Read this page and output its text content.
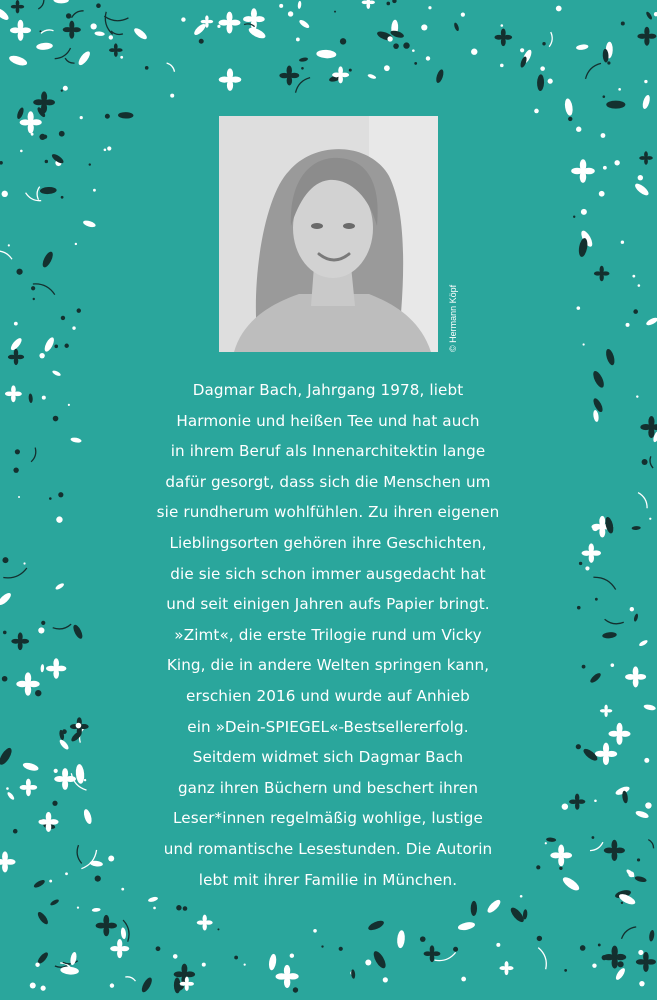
© Hermann Köpf
Dagmar Bach, Jahrgang 1978, liebt
Harmonie und heißen Tee und hat auch
in ihrem Beruf als Innenarchitektin lange
dafür gesorgt, dass sich die Menschen um
sie rundherum wohlfühlen. Zu ihren eigenen
Lieblingsorten gehören ihre Geschichten,
die sie sich schon immer ausgedacht hat
und seit einigen Jahren aufs Papier bringt.
»Zimt«, die erste Trilogie rund um Vicky
King, die in andere Welten springen kann,
erschien 2016 und wurde auf Anhieb
ein »Dein-SPIEGEL«-Bestsellererfolg.
Seitdem widmet sich Dagmar Bach
ganz ihren Büchern und beschert ihren
Leser*innen regelmäßig wohlige, lustige
und romantische Lesestunden. Die Autorin
lebt mit ihrer Familie in München.
